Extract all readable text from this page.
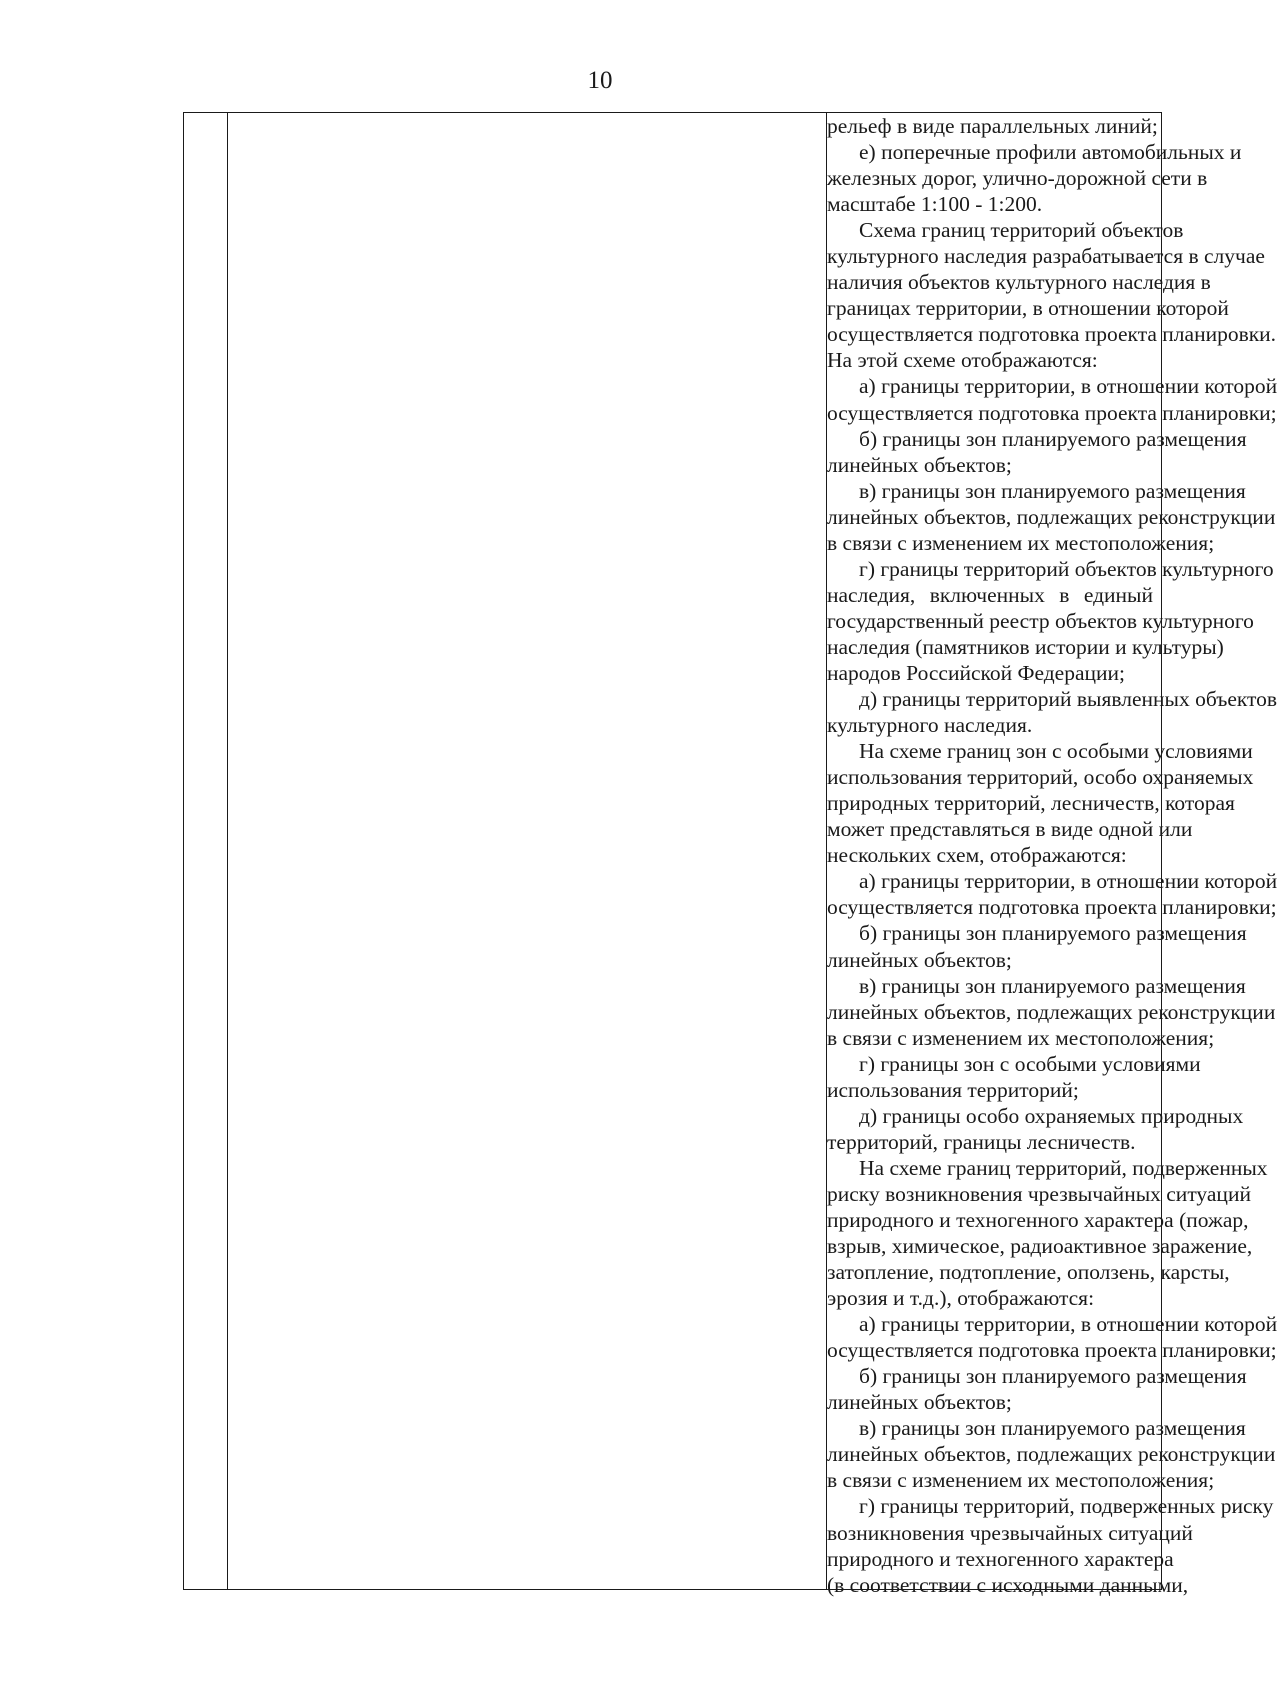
10
рельеф в виде параллельных линий;
е) поперечные профили автомобильных и
железных дорог, улично-дорожной сети в
масштабе 1:100 - 1:200.
Схема границ территорий объектов
культурного наследия разрабатывается в случае
наличия объектов культурного наследия в
границах территории, в отношении которой
осуществляется подготовка проекта планировки.
На этой схеме отображаются:
а) границы территории, в отношении которой
осуществляется подготовка проекта планировки;
б) границы зон планируемого размещения
линейных объектов;
в) границы зон планируемого размещения
линейных объектов, подлежащих реконструкции
в связи с изменением их местоположения;
г) границы территорий объектов культурного
наследия, включенных в единый
государственный реестр объектов культурного
наследия (памятников истории и культуры)
народов Российской Федерации;
д) границы территорий выявленных объектов
культурного наследия.
На схеме границ зон с особыми условиями
использования территорий, особо охраняемых
природных территорий, лесничеств, которая
может представляться в виде одной или
нескольких схем, отображаются:
а) границы территории, в отношении которой
осуществляется подготовка проекта планировки;
б) границы зон планируемого размещения
линейных объектов;
в) границы зон планируемого размещения
линейных объектов, подлежащих реконструкции
в связи с изменением их местоположения;
г) границы зон с особыми условиями
использования территорий;
д) границы особо охраняемых природных
территорий, границы лесничеств.
На схеме границ территорий, подверженных
риску возникновения чрезвычайных ситуаций
природного и техногенного характера (пожар,
взрыв, химическое, радиоактивное заражение,
затопление, подтопление, оползень, карсты,
эрозия и т.д.), отображаются:
а) границы территории, в отношении которой
осуществляется подготовка проекта планировки;
б) границы зон планируемого размещения
линейных объектов;
в) границы зон планируемого размещения
линейных объектов, подлежащих реконструкции
в связи с изменением их местоположения;
г) границы территорий, подверженных риску
возникновения чрезвычайных ситуаций
природного и техногенного характера
(в соответствии с исходными данными,
